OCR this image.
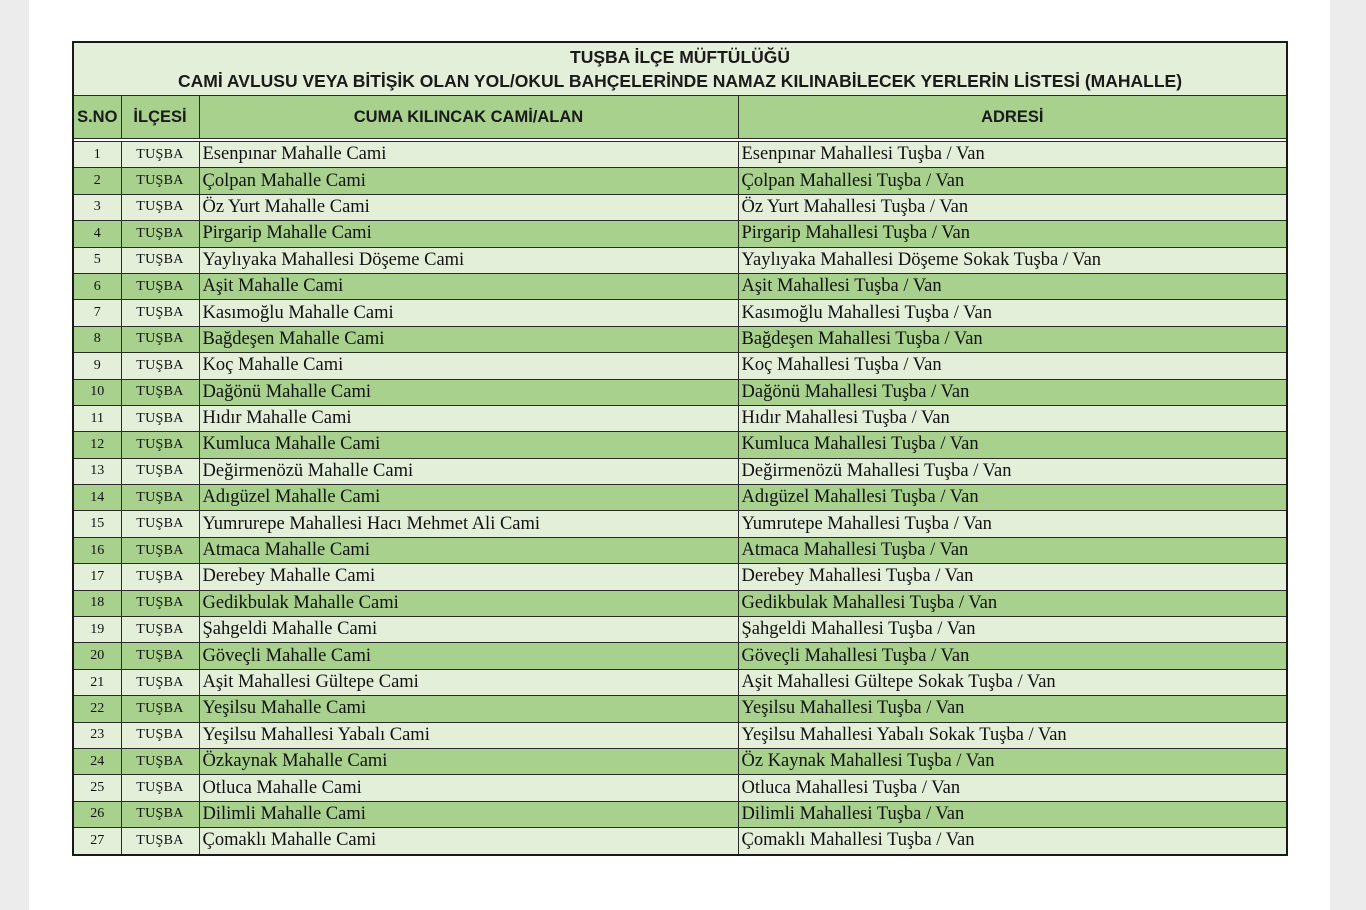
TUŞBA İLÇE MÜFTÜLÜĞÜ
CAMİ AVLUSU VEYA BİTİŞİK OLAN YOL/OKUL BAHÇELERİNDE NAMAZ KILINABİLECEK YERLERİN LİSTESİ (MAHALLE)			

S.NO	İLÇESİ	CUMA KILINCAK CAMİ/ALAN	ADRESİ

1	TUŞBA	Esenpınar Mahalle Cami	Esenpınar Mahallesi Tuşba / Van
2	TUŞBA	Çolpan Mahalle Cami	Çolpan Mahallesi Tuşba / Van
3	TUŞBA	Öz Yurt Mahalle Cami	Öz Yurt Mahallesi Tuşba / Van
4	TUŞBA	Pirgarip Mahalle Cami	Pirgarip Mahallesi Tuşba / Van
5	TUŞBA	Yaylıyaka Mahallesi Döşeme Cami	Yaylıyaka Mahallesi Döşeme Sokak Tuşba / Van
6	TUŞBA	Aşit Mahalle Cami	Aşit Mahallesi Tuşba / Van
7	TUŞBA	Kasımoğlu Mahalle Cami	Kasımoğlu Mahallesi Tuşba / Van
8	TUŞBA	Bağdeşen Mahalle Cami	Bağdeşen Mahallesi Tuşba / Van
9	TUŞBA	Koç Mahalle Cami	Koç Mahallesi Tuşba / Van
10	TUŞBA	Dağönü Mahalle Cami	Dağönü Mahallesi Tuşba / Van
11	TUŞBA	Hıdır Mahalle Cami	Hıdır Mahallesi Tuşba / Van
12	TUŞBA	Kumluca Mahalle Cami	Kumluca Mahallesi Tuşba / Van
13	TUŞBA	Değirmenözü Mahalle Cami	Değirmenözü Mahallesi Tuşba / Van
14	TUŞBA	Adıgüzel Mahalle Cami	Adıgüzel Mahallesi Tuşba / Van
15	TUŞBA	Yumrurepe Mahallesi Hacı Mehmet Ali Cami	Yumrutepe Mahallesi Tuşba / Van
16	TUŞBA	Atmaca Mahalle Cami	Atmaca Mahallesi Tuşba / Van
17	TUŞBA	Derebey Mahalle Cami	Derebey Mahallesi Tuşba / Van
18	TUŞBA	Gedikbulak Mahalle Cami	Gedikbulak Mahallesi Tuşba / Van
19	TUŞBA	Şahgeldi Mahalle Cami	Şahgeldi Mahallesi Tuşba / Van
20	TUŞBA	Göveçli Mahalle Cami	Göveçli Mahallesi Tuşba / Van
21	TUŞBA	Aşit Mahallesi Gültepe Cami	Aşit Mahallesi Gültepe Sokak Tuşba / Van
22	TUŞBA	Yeşilsu Mahalle Cami	Yeşilsu Mahallesi Tuşba / Van
23	TUŞBA	Yeşilsu Mahallesi Yabalı Cami	Yeşilsu Mahallesi Yabalı Sokak Tuşba / Van
24	TUŞBA	Özkaynak Mahalle Cami	Öz Kaynak Mahallesi Tuşba / Van
25	TUŞBA	Otluca Mahalle Cami	Otluca Mahallesi Tuşba / Van
26	TUŞBA	Dilimli Mahalle Cami	Dilimli Mahallesi Tuşba / Van
27	TUŞBA	Çomaklı Mahalle Cami	Çomaklı Mahallesi Tuşba / Van
